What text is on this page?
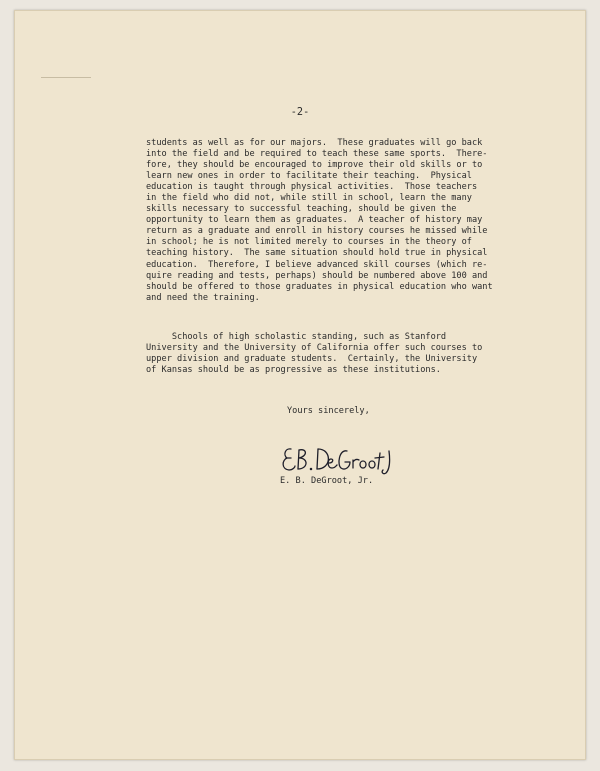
-2-
students as well as for our majors.  These graduates will go back
into the field and be required to teach these same sports.  There-
fore, they should be encouraged to improve their old skills or to
learn new ones in order to facilitate their teaching.  Physical
education is taught through physical activities.  Those teachers
in the field who did not, while still in school, learn the many
skills necessary to successful teaching, should be given the
opportunity to learn them as graduates.  A teacher of history may
return as a graduate and enroll in history courses he missed while
in school; he is not limited merely to courses in the theory of
teaching history.  The same situation should hold true in physical
education.  Therefore, I believe advanced skill courses (which re-
quire reading and tests, perhaps) should be numbered above 100 and
should be offered to those graduates in physical education who want
and need the training.
Schools of high scholastic standing, such as Stanford
University and the University of California offer such courses to
upper division and graduate students.  Certainly, the University
of Kansas should be as progressive as these institutions.
Yours sincerely,
E. B. DeGroot, Jr.
